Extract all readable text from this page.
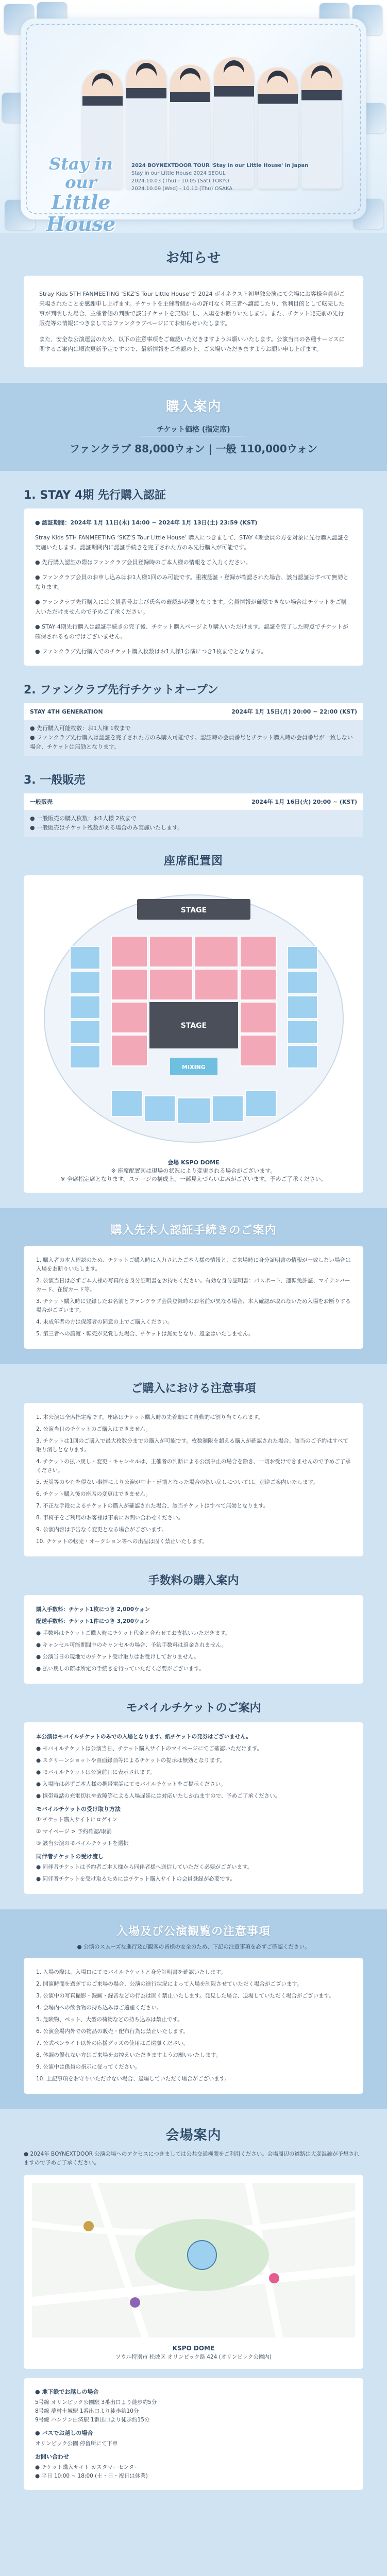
Stay in our
Little House
2024 BOYNEXTDOOR TOUR 'Stay in our Little House' in Japan
Stay in our Little House 2024 SEOUL
2024.10.03 (Thu) - 10.05 (Sat) TOKYO
2024.10.09 (Wed) - 10.10 (Thu) OSAKA
お知らせ

Stray Kids 5TH FANMEETING ‘SKZ’S Tour Little House’で 2024 ボイネクスト初単独公演にて会場にお客様全員がご来場されたことを感謝申し上げます。チケットを主催者側からの許可なく第三者へ譲渡したり、営利目的として転売した事が判明した場合、主催者側の判断で該当チケットを無効にし、入場をお断りいたします。また、チケット発売前の先行販売等の情報につきましてはファンクラブページにてお知らせいたします。

また、安全な公演運営のため、以下の注意事項をご確認いただきますようお願いいたします。公演当日の各種サービスに関するご案内は順次更新予定ですので、最新情報をご確認の上、ご来場いただきますようお願い申し上げます。

購入案内
チケット価格 (指定席)
ファンクラブ 88,000ウォン | 一般 110,000ウォン
1. STAY 4期 先行購入認証

● 認証期間：2024年 1月 11日(木) 14:00 ~ 2024年 1月 13日(土) 23:59 (KST)

Stray Kids 5TH FANMEETING ‘SKZ’S Tour Little House’ 購入につきまして、STAY 4期会員の方を対象に先行購入認証を実施いたします。認証期間内に認証手続きを完了された方のみ先行購入が可能です。

● 先行購入認証の際はファンクラブ会員登録時のご本人様の情報をご入力ください。

● ファンクラブ会員のお申し込みはお1人様1回のみ可能です。重複認証・登録が確認された場合、該当認証はすべて無効となります。

● ファンクラブ先行購入には会員番号および氏名の確認が必要となります。会員情報が確認できない場合はチケットをご購入いただけませんので予めご了承ください。

● STAY 4期先行購入は認証手続きの完了後、チケット購入ページより購入いただけます。認証を完了した時点でチケットが確保されるものではございません。

● ファンクラブ先行購入でのチケット購入枚数はお1人様1公演につき1枚までとなります。

2. ファンクラブ先行チケットオープン
STAY 4TH GENERATION	2024年 1月 15日(月) 20:00 ~ 22:00 (KST)

● 先行購入可能枚数：お1人様 1枚まで
● ファンクラブ先行購入は認証を完了された方のみ購入可能です。認証時の会員番号とチケット購入時の会員番号が一致しない場合、チケットは無効となります。
3. 一般販売
一般販売	2024年 1月 16日(火) 20:00 ~ (KST)

● 一般販売の購入枚数：お1人様 2枚まで
● 一般販売はチケット残数がある場合のみ実施いたします。
座席配置図
STAGE
STAGE
MIXING
会場 KSPO DOME
※ 座席配置図は現場の状況により変更される場合がございます。
※ 全席指定席となります。ステージの構成上、一部見えづらいお席がございます。予めご了承ください。
購入先本人認証手続きのご案内

1. 購入者の本人確認のため、チケットご購入時に入力されたご本人様の情報と、ご来場時に身分証明書の情報が一致しない場合は入場をお断りいたします。

2. 公演当日は必ずご本人様の写真付き身分証明書をお持ちください。有効な身分証明書：パスポート、運転免許証、マイナンバーカード、在留カード等。

3. チケット購入時に登録したお名前とファンクラブ会員登録時のお名前が異なる場合、本人確認が取れないため入場をお断りする場合がございます。

4. 未成年者の方は保護者の同意の上でご購入ください。

5. 第三者への譲渡・転売が発覚した場合、チケットは無効となり、返金はいたしません。

ご購入における注意事項

1. 本公演は全席指定席です。座席はチケット購入時の先着順にて自動的に割り当てられます。

2. 公演当日のチケットのご購入はできません。

3. チケットは1回のご購入で最大枚数分までの購入が可能です。枚数制限を超える購入が確認された場合、該当のご予約はすべて取り消しとなります。

4. チケットの払い戻し・変更・キャンセルは、主催者の判断による公演中止の場合を除き、一切お受けできませんので予めご了承ください。

5. 天災等のやむを得ない事情により公演が中止・延期となった場合の払い戻しについては、別途ご案内いたします。

6. チケット購入後の座席の変更はできません。

7. 不正な手段によるチケットの購入が確認された場合、該当チケットはすべて無効となります。

8. 車椅子をご利用のお客様は事前にお問い合わせください。

9. 公演内容は予告なく変更となる場合がございます。

10. チケットの転売・オークション等への出品は固く禁止いたします。

手数料の購入案内

購入手数料：チケット1枚につき 2,000ウォン

配送手数料：チケット1件につき 3,200ウォン

● 手数料はチケットご購入時にチケット代金と合わせてお支払いいただきます。

● キャンセル可能期間中のキャンセルの場合、予約手数料は返金されません。

● 公演当日の現地でのチケット受け取りはお受けしておりません。

● 払い戻しの際は所定の手続きを行っていただく必要がございます。

モバイルチケットのご案内

本公演はモバイルチケットのみでの入場となります。紙チケットの発券はございません。

● モバイルチケットは公演当日、チケット購入サイトのマイページにてご確認いただけます。

● スクリーンショットや画面録画等によるチケットの提示は無効となります。

● モバイルチケットは公演前日に表示されます。

● 入場時は必ずご本人様の携帯電話にてモバイルチケットをご提示ください。

● 携帯電話の充電切れや故障等による入場遅延には対応いたしかねますので、予めご了承ください。

モバイルチケットの受け取り方法

① チケット購入サイトにログイン

② マイページ > 予約確認/取消

③ 該当公演のモバイルチケットを選択

同伴者チケットの受け渡し

● 同伴者チケットは予約者ご本人様から同伴者様へ送信していただく必要がございます。

● 同伴者チケットを受け取るためにはチケット購入サイトの会員登録が必要です。

入場及び公演観覧の注意事項
● 公演のスムーズな進行及び観客の皆様の安全のため、下記の注意事項を必ずご確認ください。

1. 入場の際は、入場口にてモバイルチケットと身分証明書を確認いたします。

2. 開演時間を過ぎてのご来場の場合、公演の進行状況によって入場を制限させていただく場合がございます。

3. 公演中の写真撮影・録画・録音などの行為は固く禁止いたします。発見した場合、退場していただく場合がございます。

4. 会場内への飲食物の持ち込みはご遠慮ください。

5. 危険物、ペット、大型の荷物などの持ち込みは禁止です。

6. 公演会場内外での物品の販売・配布行為は禁止いたします。

7. 公式ペンライト以外の応援グッズの使用はご遠慮ください。

8. 体調の優れない方はご来場をお控えいただきますようお願いいたします。

9. 公演中は係員の指示に従ってください。

10. 上記事項をお守りいただけない場合、退場していただく場合がございます。

会場案内
● 2024年 BOYNEXTDOOR 公演会場へのアクセスにつきましては公共交通機関をご利用ください。会場周辺の道路は大変混雑が予想されますので予めご了承ください。
KSPO DOME
ソウル特別市 松坡区 オリンピック路 424 (オリンピック公園内)
● 地下鉄でお越しの場合
5号線 オリンピック公園駅 3番出口より徒歩約5分
8号線 夢村土城駅 1番出口より徒歩約10分
9号線 ハンソン白済駅 1番出口より徒歩約15分
● バスでお越しの場合
オリンピック公園 停留所にて下車
お問い合わせ
● チケット購入サイト カスタマーセンター
● 平日 10:00 ~ 18:00 (土・日・祝日は休業)
